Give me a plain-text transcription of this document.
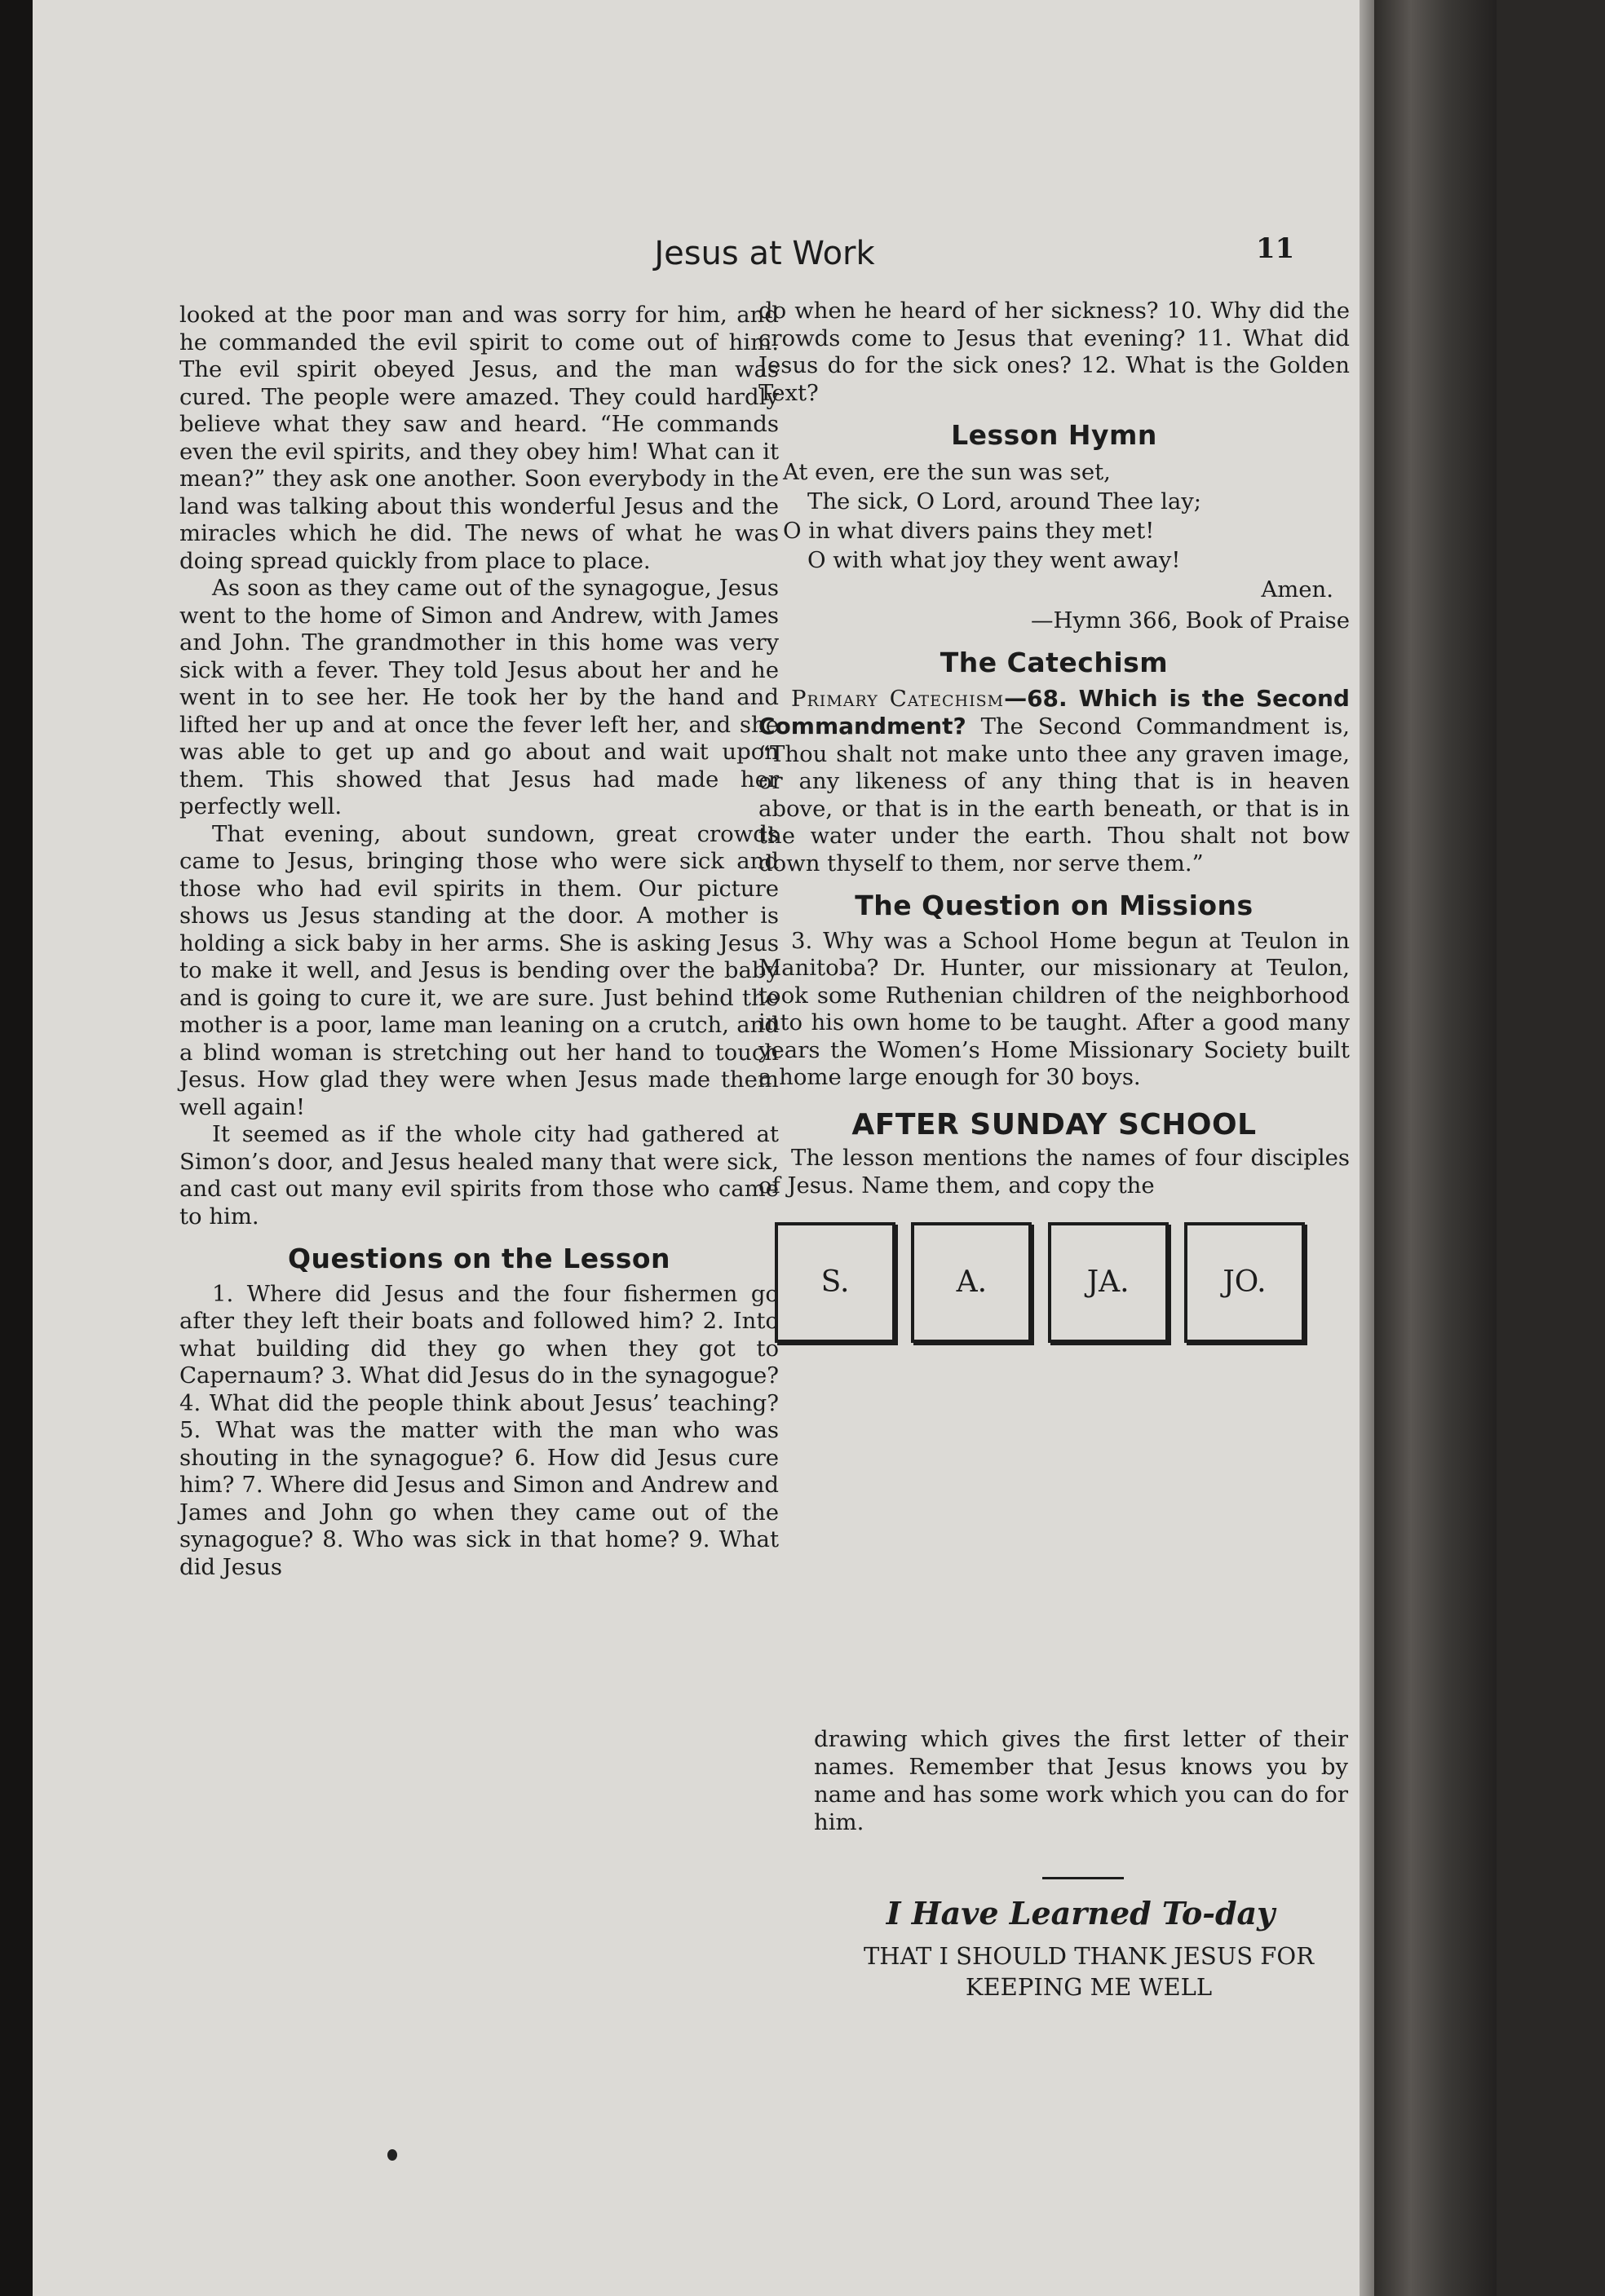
Jesus at Work	11

looked at the poor man and was sorry for him, and he commanded the evil spirit to come out of him. The evil spirit obeyed Jesus, and the man was cured. The people were amazed. They could hardly believe what they saw and heard. “He commands even the evil spirits, and they obey him! What can it mean?” they ask one another. Soon everybody in the land was talking about this wonderful Jesus and the miracles which he did. The news of what he was doing spread quickly from place to place.

As soon as they came out of the synagogue, Jesus went to the home of Simon and Andrew, with James and John. The grandmother in this home was very sick with a fever. They told Jesus about her and he went in to see her. He took her by the hand and lifted her up and at once the fever left her, and she was able to get up and go about and wait upon them. This showed that Jesus had made her perfectly well.

That evening, about sundown, great crowds came to Jesus, bringing those who were sick and those who had evil spirits in them. Our picture shows us Jesus standing at the door. A mother is holding a sick baby in her arms. She is asking Jesus to make it well, and Jesus is bending over the baby and is going to cure it, we are sure. Just behind the mother is a poor, lame man leaning on a crutch, and a blind woman is stretching out her hand to touch Jesus. How glad they were when Jesus made them well again!

It seemed as if the whole city had gathered at Simon’s door, and Jesus healed many that were sick, and cast out many evil spirits from those who came to him.

Questions on the Lesson

1. Where did Jesus and the four fishermen go after they left their boats and followed him? 2. Into what building did they go when they got to Capernaum? 3. What did Jesus do in the synagogue? 4. What did the people think about Jesus’ teaching? 5. What was the matter with the man who was shouting in the synagogue? 6. How did Jesus cure him? 7. Where did Jesus and Simon and Andrew and James and John go when they came out of the synagogue? 8. Who was sick in that home? 9. What did Jesus

do when he heard of her sickness? 10. Why did the crowds come to Jesus that evening? 11. What did Jesus do for the sick ones? 12. What is the Golden Text?

Lesson Hymn
At even, ere the sun was set,
The sick, O Lord, around Thee lay;
O in what divers pains they met!
O with what joy they went away!
Amen.
—Hymn 366, Book of Praise
The Catechism

Primary Catechism—68. Which is the Second Commandment? The Second Commandment is, “Thou shalt not make unto thee any graven image, or any likeness of any thing that is in heaven above, or that is in the earth beneath, or that is in the water under the earth. Thou shalt not bow down thyself to them, nor serve them.”

The Question on Missions

3. Why was a School Home begun at Teulon in Manitoba? Dr. Hunter, our missionary at Teulon, took some Ruthenian children of the neighborhood into his own home to be taught. After a good many years the Women’s Home Missionary Society built a home large enough for 30 boys.

AFTER SUNDAY SCHOOL

The lesson mentions the names of four disciples of Jesus. Name them, and copy the

S.	A.	JA.	JO.
drawing which gives the first letter of their names. Remember that Jesus knows you by name and has some work which you can do for him.
I Have Learned To-day
THAT I SHOULD THANK JESUS FOR KEEPING ME WELL
